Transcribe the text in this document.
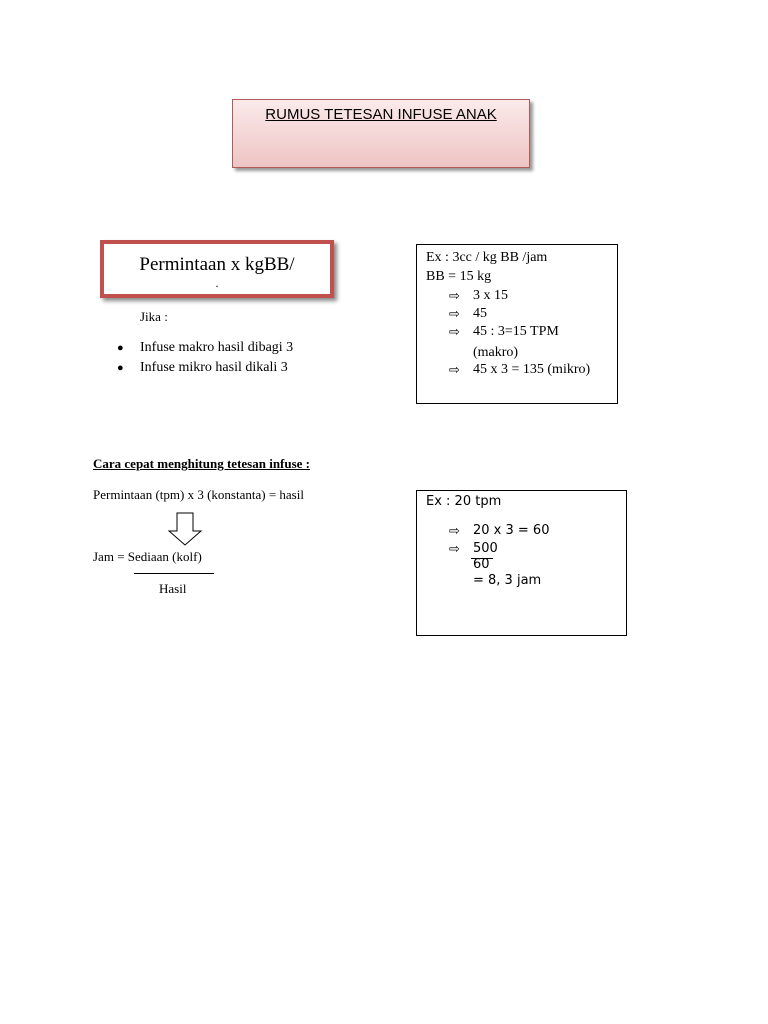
RUMUS TETESAN INFUSE ANAK
Permintaan x kgBB/
.
Jika :
● Infuse makro hasil dibagi 3
● Infuse mikro hasil dikali 3
Ex : 3cc / kg BB /jam
BB = 15 kg
⇨ 3 x 15
⇨ 45
⇨ 45 : 3=15 TPM
(makro)
⇨ 45 x 3 = 135 (mikro)
Cara cepat menghitung tetesan infuse :
Permintaan (tpm) x 3 (konstanta) = hasil
Jam = Sediaan (kolf)
Hasil
Ex : 20 tpm
⇨ 20 x 3 = 60
⇨ 500
60
= 8, 3 jam
